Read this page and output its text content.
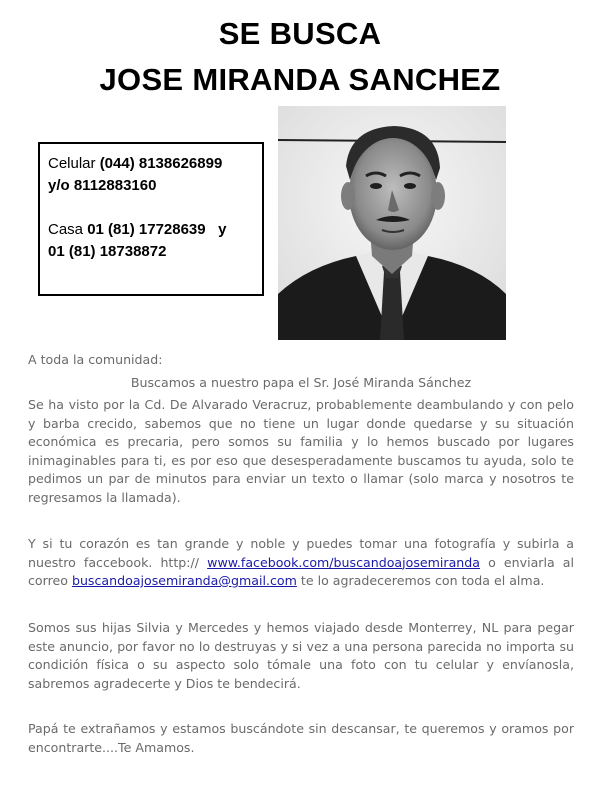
SE BUSCA
JOSE MIRANDA SANCHEZ
Celular (044) 8138626899
y/o 8112883160
Casa 01 (81) 17728639   y
01 (81) 18738872
A toda la comunidad:
Buscamos a nuestro papa el Sr. José Miranda Sánchez
Se ha visto por la Cd. De Alvarado Veracruz, probablemente deambulando y con pelo y barba crecido, sabemos que no tiene un lugar donde quedarse y su situación económica es precaria, pero somos su familia y lo hemos buscado por lugares inimaginables para ti, es por eso que desesperadamente buscamos tu ayuda, solo te pedimos un par de minutos para enviar un texto o llamar (solo marca y nosotros te regresamos la llamada).
Y si tu corazón es tan grande y noble y puedes tomar una fotografía y subirla a nuestro faccebook. http:// www.facebook.com/buscandoajosemiranda o enviarla al correo buscandoajosemiranda@gmail.com te lo agradeceremos con toda el alma.
Somos sus hijas Silvia y Mercedes y hemos viajado desde Monterrey, NL para pegar este anuncio, por favor no lo destruyas y si vez a una persona parecida no importa su condición física o su aspecto solo tómale una foto con tu celular y envíanosla, sabremos agradecerte y Dios te bendecirá.
Papá te extrañamos y estamos buscándote sin descansar, te queremos y oramos por encontrarte....Te Amamos.
